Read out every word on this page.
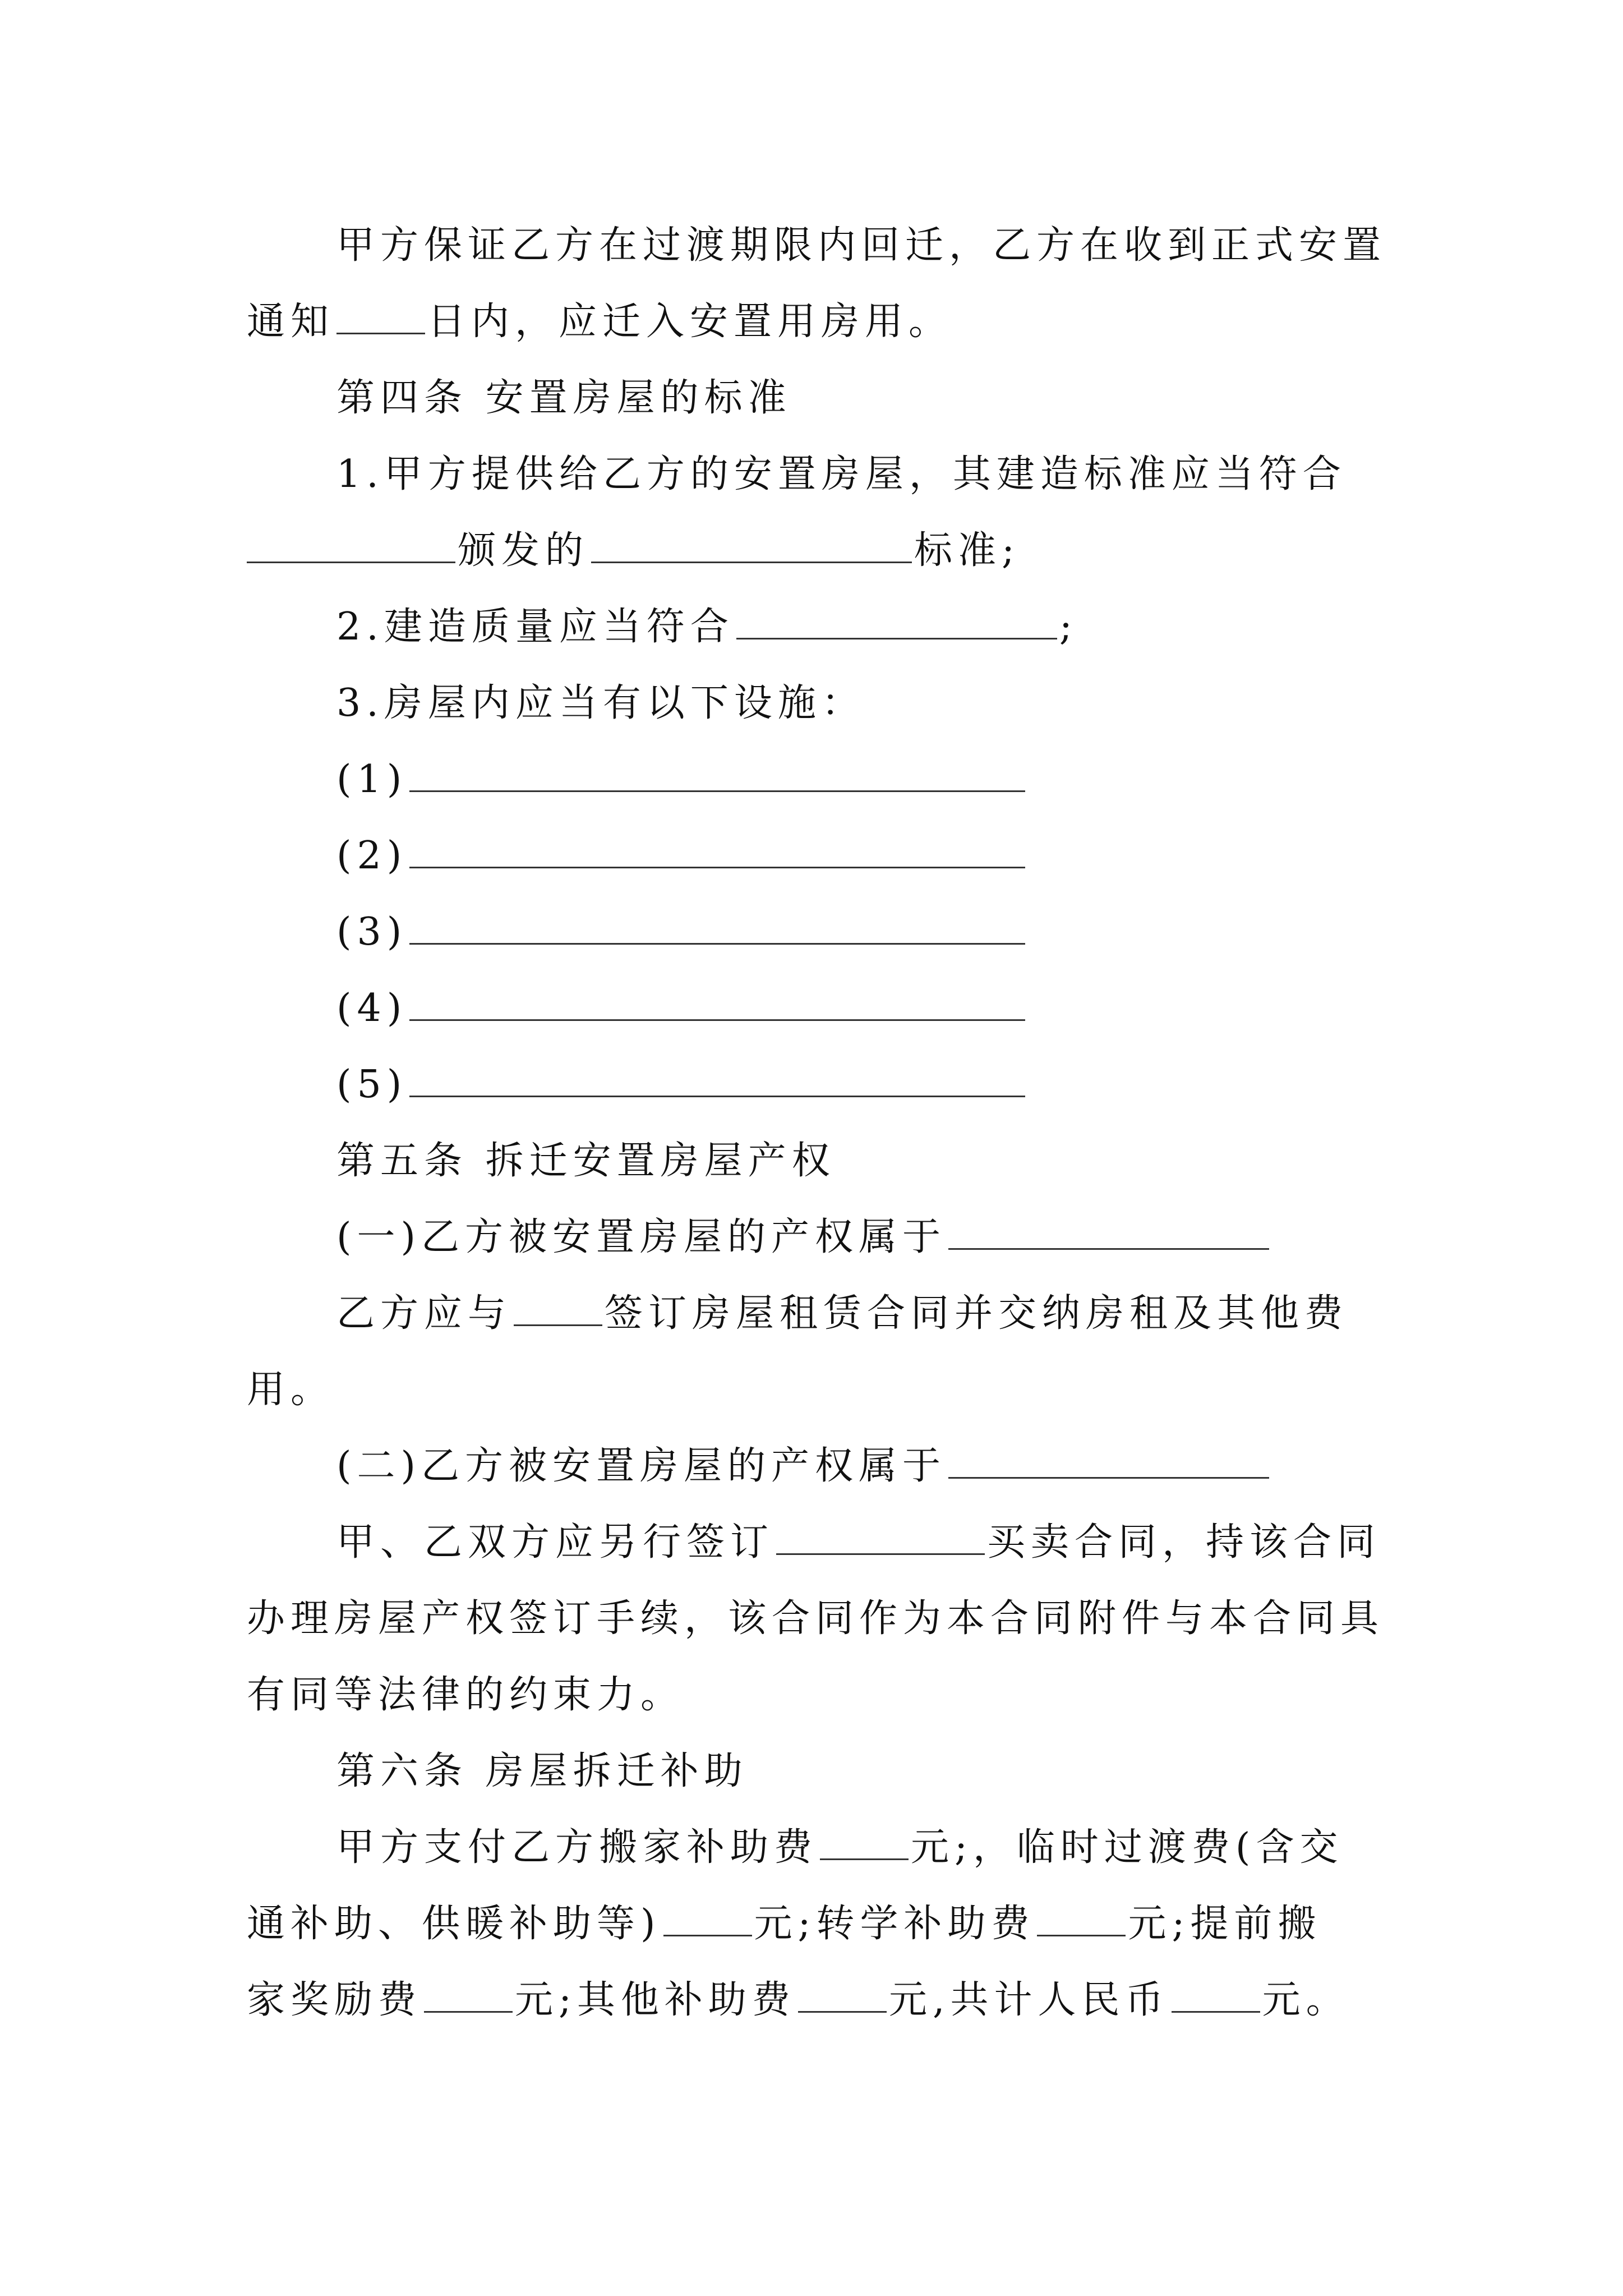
甲方保证乙方在过渡期限内回迁，乙方在收到正式安置
通知 日内，应迁入安置用房用。
第四条 安置房屋的标准
1.甲方提供给乙方的安置房屋，其建造标准应当符合
颁发的	标准;
2.建造质量应当符合	;
3.房屋内应当有以下设施：
(1)
(2)
(3)
(4)
(5)
第五条 拆迁安置房屋产权
(一)乙方被安置房屋的产权属于
乙方应与 签订房屋租赁合同并交纳房租及其他费
用。
(二)乙方被安置房屋的产权属于
甲、乙双方应另行签订	买卖合同，持该合同
办理房屋产权签订手续，该合同作为本合同附件与本合同具
有同等法律的约束力。
第六条 房屋拆迁补助
甲方支付乙方搬家补助费 元;，临时过渡费(含交
通补助、供暖补助等) 元;转学补助费 元;提前搬
家奖励费 元;其他补助费 元,共计人民币 元。
